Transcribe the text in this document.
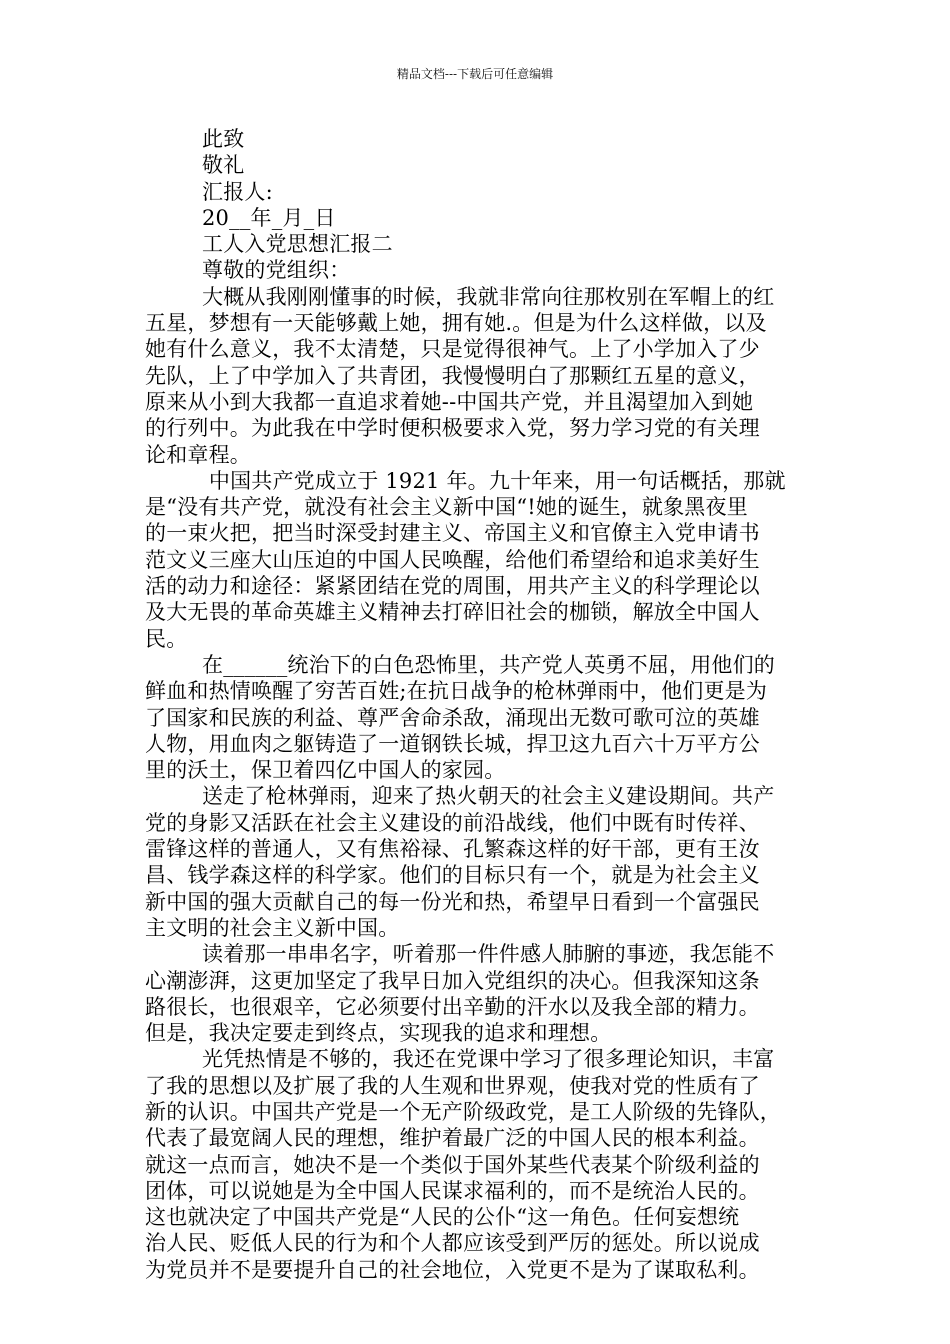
精品文档---下载后可任意编辑
此致
敬礼
汇报人:
20__年_月_日
工人入党思想汇报二
尊敬的党组织：
大概从我刚刚懂事的时候，我就非常向往那枚别在军帽上的红
五星，梦想有一天能够戴上她，拥有她.。但是为什么这样做，以及
她有什么意义，我不太清楚，只是觉得很神气。上了小学加入了少
先队，上了中学加入了共青团，我慢慢明白了那颗红五星的意义，
原来从小到大我都一直追求着她--中国共产党，并且渴望加入到她
的行列中。为此我在中学时便积极要求入党，努力学习党的有关理
论和章程。
中国共产党成立于 1921 年。九十年来，用一句话概括，那就
是“没有共产党，就没有社会主义新中国“!她的诞生，就象黑夜里
的一束火把，把当时深受封建主义、帝国主义和官僚主入党申请书
范文义三座大山压迫的中国人民唤醒，给他们希望给和追求美好生
活的动力和途径：紧紧团结在党的周围，用共产主义的科学理论以
及大无畏的革命英雄主义精神去打碎旧社会的枷锁，解放全中国人
民。
在______统治下的白色恐怖里，共产党人英勇不屈，用他们的
鲜血和热情唤醒了穷苦百姓;在抗日战争的枪林弹雨中，他们更是为
了国家和民族的利益、尊严舍命杀敌，涌现出无数可歌可泣的英雄
人物，用血肉之躯铸造了一道钢铁长城，捍卫这九百六十万平方公
里的沃土，保卫着四亿中国人的家园。
送走了枪林弹雨，迎来了热火朝天的社会主义建设期间。共产
党的身影又活跃在社会主义建设的前沿战线，他们中既有时传祥、
雷锋这样的普通人，又有焦裕禄、孔繁森这样的好干部，更有王汝
昌、钱学森这样的科学家。他们的目标只有一个，就是为社会主义
新中国的强大贡献自己的每一份光和热，希望早日看到一个富强民
主文明的社会主义新中国。
读着那一串串名字，听着那一件件感人肺腑的事迹，我怎能不
心潮澎湃，这更加坚定了我早日加入党组织的决心。但我深知这条
路很长，也很艰辛，它必须要付出辛勤的汗水以及我全部的精力。
但是，我决定要走到终点，实现我的追求和理想。
光凭热情是不够的，我还在党课中学习了很多理论知识，丰富
了我的思想以及扩展了我的人生观和世界观，使我对党的性质有了
新的认识。中国共产党是一个无产阶级政党，是工人阶级的先锋队，
代表了最宽阔人民的理想，维护着最广泛的中国人民的根本利益。
就这一点而言，她决不是一个类似于国外某些代表某个阶级利益的
团体，可以说她是为全中国人民谋求福利的，而不是统治人民的。
这也就决定了中国共产党是“人民的公仆“这一角色。任何妄想统
治人民、贬低人民的行为和个人都应该受到严厉的惩处。所以说成
为党员并不是要提升自己的社会地位，入党更不是为了谋取私利。
